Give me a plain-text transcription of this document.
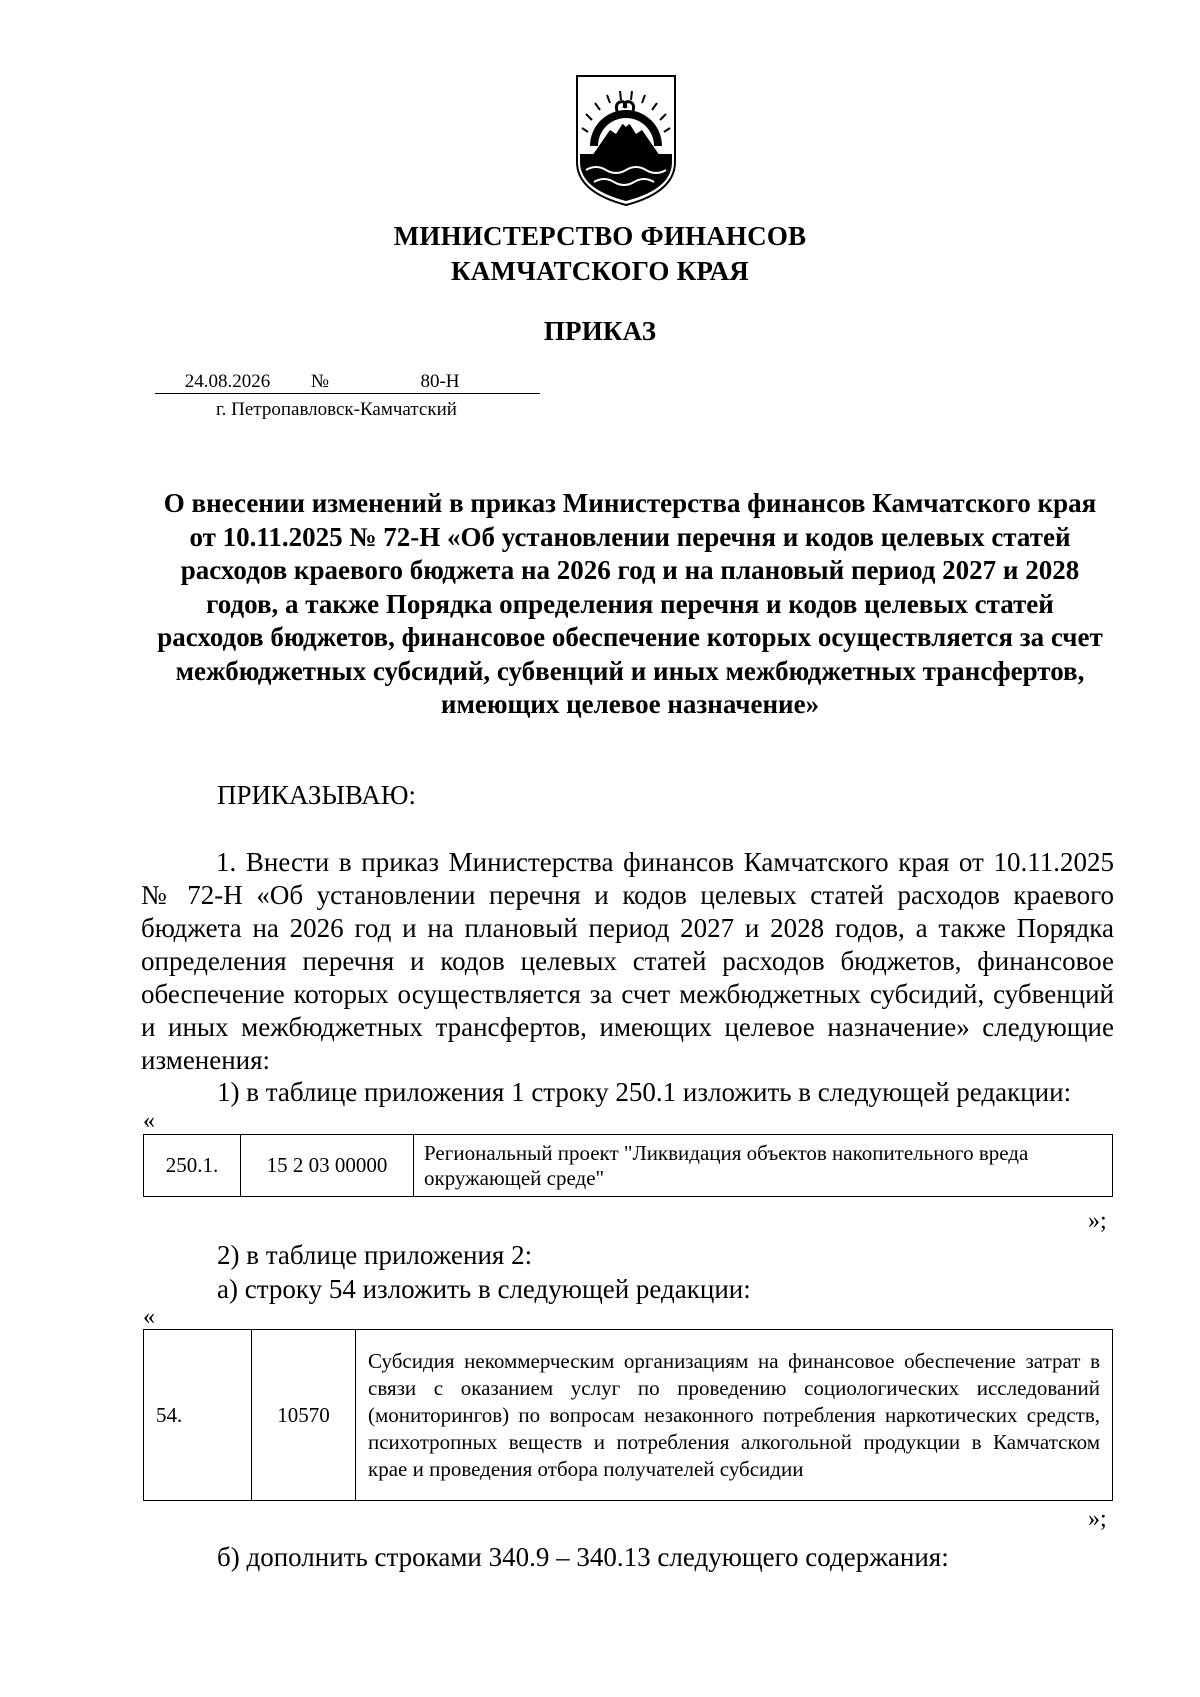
МИНИСТЕРСТВО ФИНАНСОВ
КАМЧАТСКОГО КРАЯ
ПРИКАЗ
24.08.2026 №	80-Н
г. Петропавловск-Камчатский
О внесении изменений в приказ Министерства финансов Камчатского края от 10.11.2025 № 72-Н «Об установлении перечня и кодов целевых статей расходов краевого бюджета на 2026 год и на плановый период 2027 и 2028 годов, а также Порядка определения перечня и кодов целевых статей расходов бюджетов, финансовое обеспечение которых осуществляется за счет межбюджетных субсидий, субвенций и иных межбюджетных трансфертов, имеющих целевое назначение»
ПРИКАЗЫВАЮ:
1. Внести в приказ Министерства финансов Камчатского края от 10.11.2025 № 72-Н «Об установлении перечня и кодов целевых статей расходов краевого бюджета на 2026 год и на плановый период 2027 и 2028 годов, а также Порядка определения перечня и кодов целевых статей расходов бюджетов, финансовое обеспечение которых осуществляется за счет межбюджетных субсидий, субвенций и иных межбюджетных трансфертов, имеющих целевое назначение» следующие изменения:
1) в таблице приложения 1 строку 250.1 изложить в следующей редакции:
«
250.1.	15 2 03 00000	Региональный проект "Ликвидация объектов накопительного вреда окружающей среде"
»;
2) в таблице приложения 2:
а) строку 54 изложить в следующей редакции:
«
54.	10570	Субсидия некоммерческим организациям на финансовое обеспечение затрат в связи с оказанием услуг по проведению социологических исследований (мониторингов) по вопросам незаконного потребления наркотических средств, психотропных веществ и потребления алкогольной продукции в Камчатском крае и проведения отбора получателей субсидии
»;
б) дополнить строками 340.9 – 340.13 следующего содержания:
